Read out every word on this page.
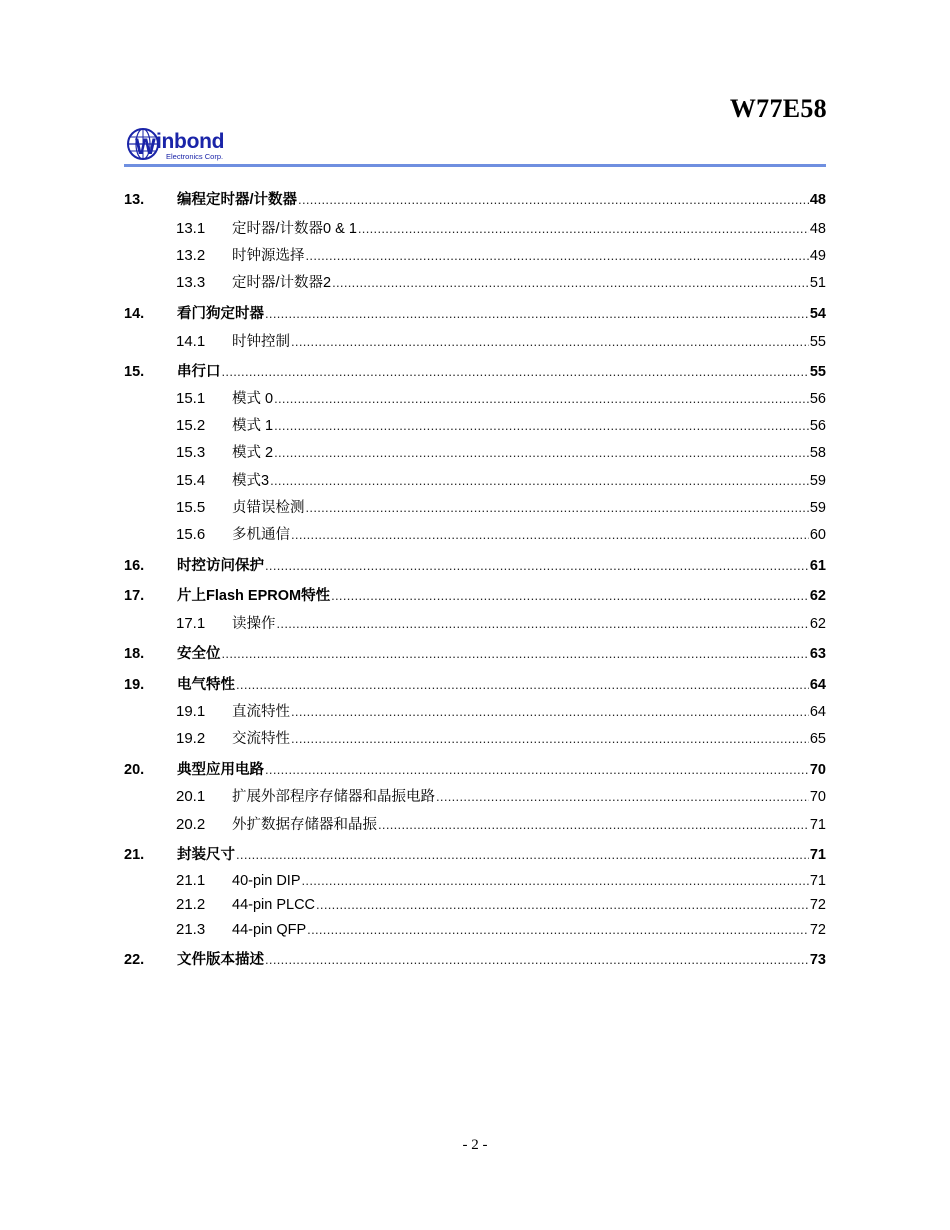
W77E58
W inbond
Electronics Corp.
13.	编程定时器/计数器 .....	48
13.1	定时器/计数器0 & 1 .....	48
13.2	时钟源选择 .....	49
13.3	定时器/计数器2 .....	51
14.	看门狗定时器 .....	54
14.1	时钟控制 .....	55
15.	串行口 .....	55
15.1	模式 0 .....	56
15.2	模式 1 .....	56
15.3	模式 2 .....	58
15.4	模式3 .....	59
15.5	贞错误检测 .....	59
15.6	多机通信 .....	60
16.	时控访问保护 .....	61
17.	片上Flash EPROM特性 .....	62
17.1	读操作 .....	62
18.	安全位 .....	63
19.	电气特性 .....	64
19.1	直流特性 .....	64
19.2	交流特性 .....	65
20.	典型应用电路 .....	70
20.1	扩展外部程序存储器和晶振电路 .....	70
20.2	外扩数据存储器和晶振 .....	71
21.	封装尺寸 .....	71
21.1	40-pin DIP .....	71
21.2	44-pin PLCC .....	72
21.3	44-pin QFP .....	72
22.	文件版本描述 .....	73
- 2 -
